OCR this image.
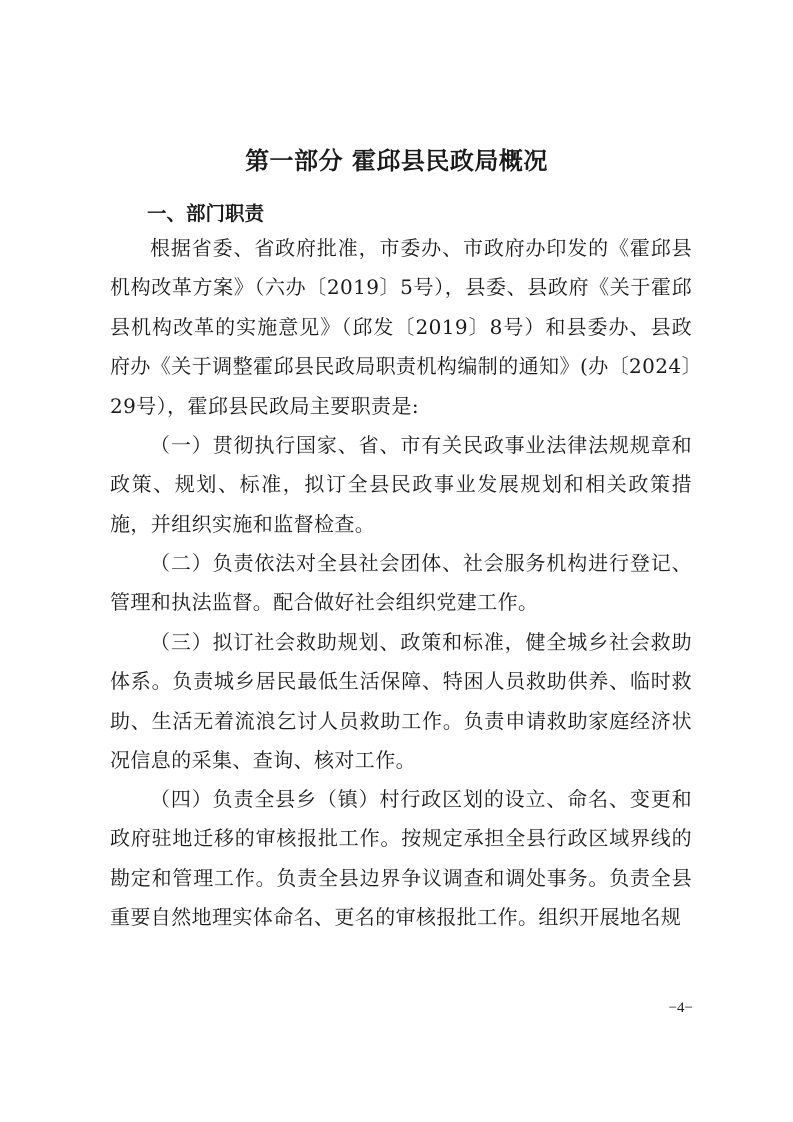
第一部分 霍邱县民政局概况
一、部门职责

根据省委、省政府批准，市委办、市政府办印发的《霍邱县机构改革方案》（六办〔2019〕5号），县委、县政府《关于霍邱县机构改革的实施意见》（邱发〔2019〕8号）和县委办、县政府办《关于调整霍邱县民政局职责机构编制的通知》(办〔2024〕29号），霍邱县民政局主要职责是:

（一）贯彻执行国家、省、市有关民政事业法律法规规章和政策、规划、标准，拟订全县民政事业发展规划和相关政策措施，并组织实施和监督检查。

（二）负责依法对全县社会团体、社会服务机构进行登记、管理和执法监督。配合做好社会组织党建工作。

（三）拟订社会救助规划、政策和标准，健全城乡社会救助体系。负责城乡居民最低生活保障、特困人员救助供养、临时救助、生活无着流浪乞讨人员救助工作。负责申请救助家庭经济状况信息的采集、查询、核对工作。

（四）负责全县乡（镇）村行政区划的设立、命名、变更和政府驻地迁移的审核报批工作。按规定承担全县行政区域界线的勘定和管理工作。负责全县边界争议调查和调处事务。负责全县重要自然地理实体命名、更名的审核报批工作。组织开展地名规

−4−
